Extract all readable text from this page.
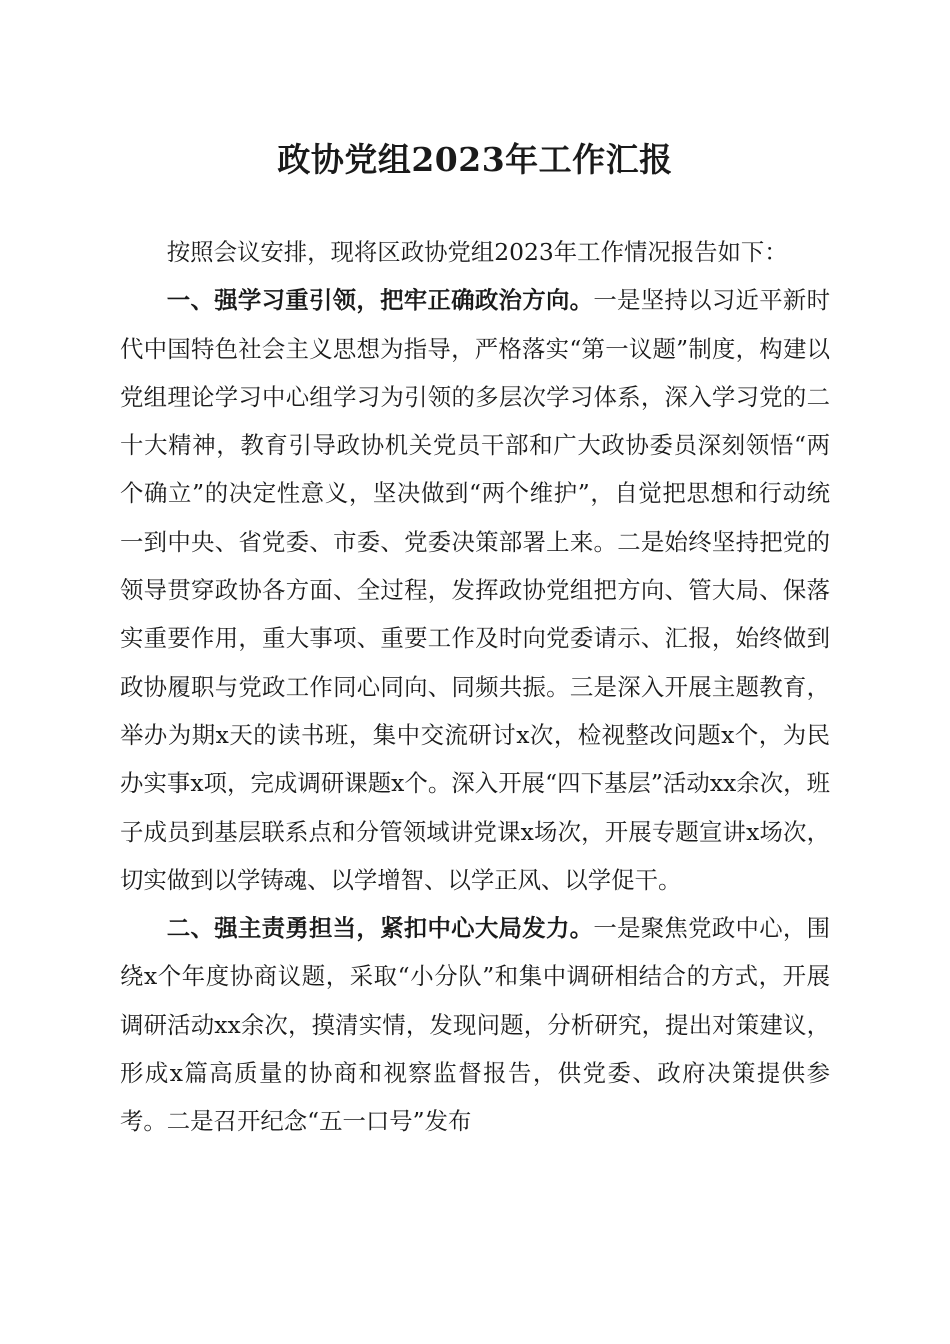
政协党组2023年工作汇报

按照会议安排，现将区政协党组2023年工作情况报告如下：

一、强学习重引领，把牢正确政治方向。一是坚持以习近平新时代中国特色社会主义思想为指导，严格落实“第一议题”制度，构建以党组理论学习中心组学习为引领的多层次学习体系，深入学习党的二十大精神，教育引导政协机关党员干部和广大政协委员深刻领悟“两个确立”的决定性意义，坚决做到“两个维护”，自觉把思想和行动统一到中央、省党委、市委、党委决策部署上来。二是始终坚持把党的领导贯穿政协各方面、全过程，发挥政协党组把方向、管大局、保落实重要作用，重大事项、重要工作及时向党委请示、汇报，始终做到政协履职与党政工作同心同向、同频共振。三是深入开展主题教育，举办为期x天的读书班，集中交流研讨x次，检视整改问题x个，为民办实事x项，完成调研课题x个。深入开展“四下基层”活动xx余次，班子成员到基层联系点和分管领域讲党课x场次，开展专题宣讲x场次，切实做到以学铸魂、以学增智、以学正风、以学促干。

二、强主责勇担当，紧扣中心大局发力。一是聚焦党政中心，围绕x个年度协商议题，采取“小分队”和集中调研相结合的方式，开展调研活动xx余次，摸清实情，发现问题，分析研究，提出对策建议，形成x篇高质量的协商和视察监督报告，供党委、政府决策提供参考。二是召开纪念“五一口号”发布
